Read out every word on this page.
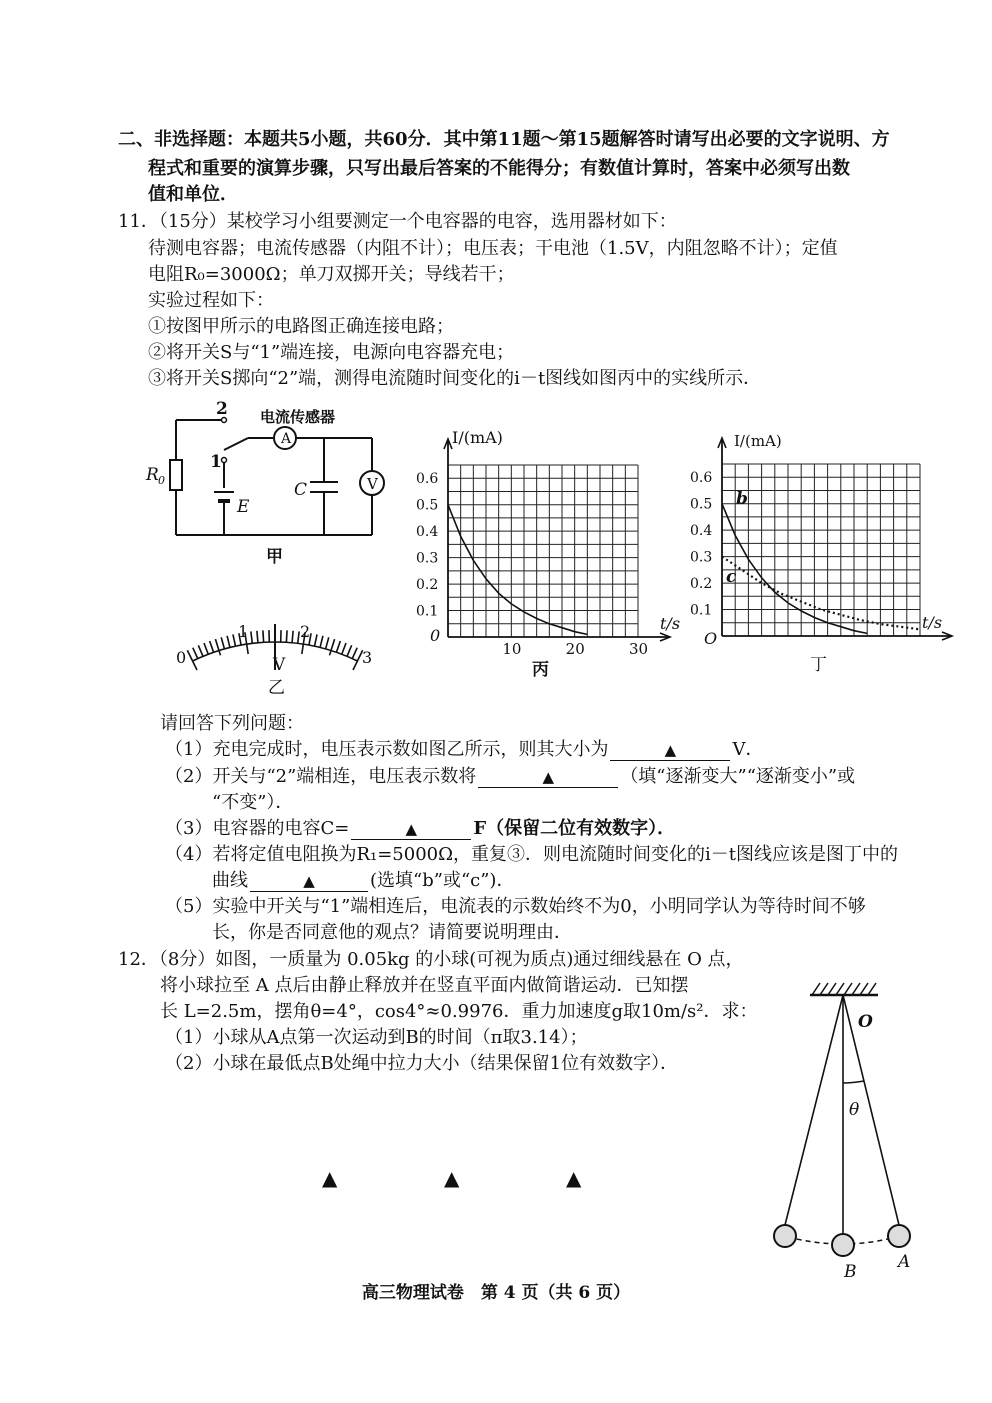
二、非选择题：本题共5小题，共60分．其中第11题～第15题解答时请写出必要的文字说明、方
程式和重要的演算步骤，只写出最后答案的不能得分；有数值计算时，答案中必须写出数
值和单位．
11．（15分）某校学习小组要测定一个电容器的电容，选用器材如下：
待测电容器；电流传感器（内阻不计）；电压表；干电池（1.5V，内阻忽略不计）；定值
电阻R₀=3000Ω；单刀双掷开关；导线若干；
实验过程如下：
①按图甲所示的电路图正确连接电路；
②将开关S与“1”端连接，电源向电容器充电；
③将开关S掷向“2”端，测得电流随时间变化的i－t图线如图丙中的实线所示．
A
V
电流传感器
2
1
R 0
E
C
甲
0
1	2
3
V
乙
0.1
0.2
0.3
0.4
0.5
0.6
10	20	30
I/(mA)
t/s
0
丙
0.1
0.2
0.3
0.4
0.5
0.6
I/(mA)
t/s
O
b
c
丁
请回答下列问题：
（1）充电完成时，电压表示数如图乙所示，则其大小为	▲	V．
（2）开关与“2”端相连，电压表示数将	▲	（填“逐渐变大”“逐渐变小”或
“不变”）．
（3）电容器的电容C=	▲	F（保留二位有效数字）．
（4）若将定值电阻换为R₁=5000Ω，重复③．则电流随时间变化的i－t图线应该是图丁中的
曲线	▲	(选填“b”或“c”)．
（5）实验中开关与“1”端相连后，电流表的示数始终不为0，小明同学认为等待时间不够
长，你是否同意他的观点？请简要说明理由．
12．（8分）如图，一质量为 0.05kg 的小球(可视为质点)通过细线悬在 O 点，
将小球拉至 A 点后由静止释放并在竖直平面内做简谐运动．已知摆
长 L=2.5m，摆角θ=4°，cos4°≈0.9976．重力加速度g取10m/s²．求：
（1）小球从A点第一次运动到B的时间（π取3.14）；
（2）小球在最低点B处绳中拉力大小（结果保留1位有效数字）．
▲	▲	▲
O
θ
B A
高三物理试卷　第 4 页（共 6 页）
